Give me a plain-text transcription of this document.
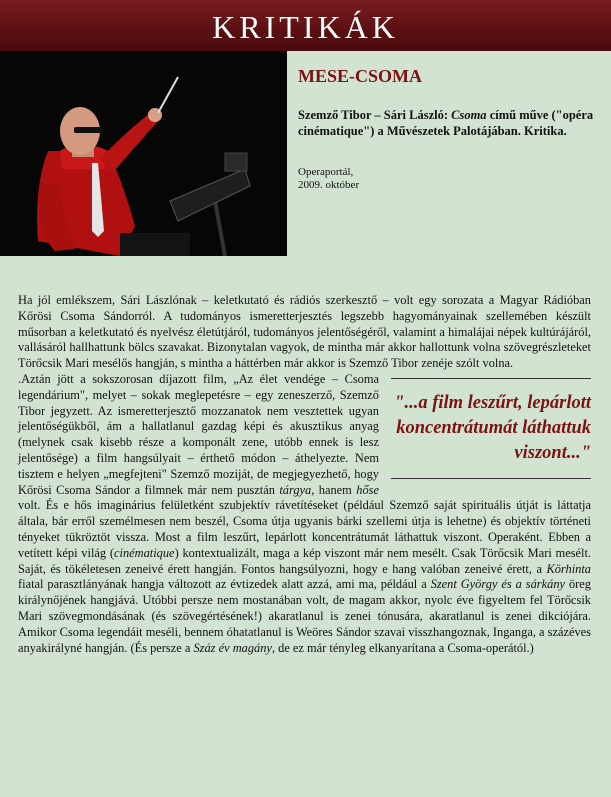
KRITIKÁK
MESE-CSOMA
Szemző Tibor – Sári László: Csoma című műve ("opéra cinématique") a Művészetek Palotájában. Kritika.
Operaportál,
2009. október

Ha jól emlékszem, Sári Lászlónak – keletkutató és rádiós szerkesztő – volt egy sorozata a Magyar Rádióban Kőrösi Csoma Sándorról. A tudományos ismeretterjesztés legszebb hagyományainak szellemében készült műsorban a keletkutató és nyelvész életútjáról, tudományos jelentőségéről, valamint a himalájai népek kultúrájáról, vallásáról hallhattunk bölcs szavakat. Bizonytalan vagyok, de mintha már akkor hallottunk volna szövegrészleteket Törőcsik Mari mesélős hangján, s mintha a háttérben már akkor is Szemző Tibor zenéje szólt volna.

"...a film leszűrt, lepárlott koncentrátumát láthattuk viszont..."

.Aztán jött a sokszorosan díjazott film, „Az élet vendége – Csoma legendárium", melyet – sokak meglepetésre – egy zeneszerző, Szemző Tibor jegyzett. Az ismeretterjesztő mozzanatok nem vesztettek ugyan jelentőségükből, ám a hallatlanul gazdag képi és akusztikus anyag (melynek csak kisebb része a komponált zene, utóbb ennek is lesz jelentősége) a film hangsúlyait – érthető módon – áthelyezte. Nem tisztem e helyen „megfejteni" Szemző moziját, de megjegyezhető, hogy Kőrösi Csoma Sándor a filmnek már nem pusztán tárgya, hanem hőse volt. És e hős imaginárius felületként szubjektív rávetítéseket (például Szemző saját spirituális útját is láttatja általa, bár erről személmesen nem beszél, Csoma útja ugyanis bárki szellemi útja is lehetne) és objektív történeti tényeket tükröztöt vissza. Most a film leszűrt, lepárlott koncentrátumát láthattuk viszont. Operaként. Ebben a vetített képi világ (cinématique) kontextualizált, maga a kép viszont már nem mesélt. Csak Törőcsik Mari mesélt. Saját, és tökéletesen zeneivé érett hangján. Fontos hangsúlyozni, hogy e hang valóban zeneivé érett, a Körhinta fiatal parasztlányának hangja változott az évtizedek alatt azzá, ami ma, például a Szent György és a sárkány öreg királynőjének hangjává. Utóbbi persze nem mostanában volt, de magam akkor, nyolc éve figyeltem fel Törőcsik Mari szövegmondásának (és szövegértésének!) akaratlanul is zenei tónusára, akaratlanul is zenei dikciójára. Amikor Csoma legendáit meséli, bennem óhatatlanul is Weöres Sándor szavai visszhangoznak, Inganga, a százéves anyakirályné hangján. (És persze a Száz év magány, de ez már tényleg elkanyarítana a Csoma-operától.)
